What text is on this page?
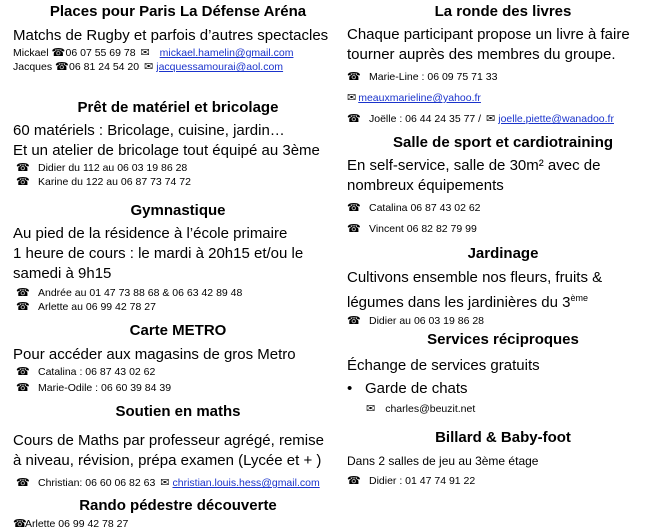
Places pour Paris La Défense Aréna

Matchs de Rugby et parfois d’autres spectacles

Mickael ☎06 07 55 69 78 ✉ mickael.hamelin@gmail.com

Jacques ☎06 81 24 54 20 ✉ jacquessamourai@aol.com

Prêt de matériel et bricolage

60 matériels : Bricolage, cuisine, jardin…

Et un atelier de bricolage tout équipé au 3ème

☎ Didier du 112 au 06 03 19 86 28

☎ Karine du 122 au 06 87 73 74 72

Gymnastique

Au pied de la résidence à l’école primaire

1 heure de cours : le mardi à 20h15 et/ou le

samedi à 9h15

☎ Andrée au 01 47 73 88 68 & 06 63 42 89 48

☎ Arlette au 06 99 42 78 27

Carte METRO

Pour accéder aux magasins de gros Metro

☎ Catalina : 06 87 43 02 62

☎ Marie-Odile : 06 60 39 84 39

Soutien en maths

Cours de Maths par professeur agrégé, remise

à niveau, révision, prépa examen (Lycée et + )

☎ Christian: 06 60 06 82 63 ✉ christian.louis.hess@gmail.com

Rando pédestre découverte

☎Arlette 06 99 42 78 27

La ronde des livres

Chaque participant propose un livre à faire

tourner auprès des membres du groupe.

☎ Marie-Line : 06 09 75 71 33

✉ meauxmarieline@yahoo.fr

☎ Joëlle : 06 44 24 35 77 / ✉ joelle.piette@wanadoo.fr

Salle de sport et cardiotraining

En self-service, salle de 30m² avec de

nombreux équipements

☎ Catalina 06 87 43 02 62

☎ Vincent 06 82 82 79 99

Jardinage

Cultivons ensemble nos fleurs, fruits &

légumes dans les jardinières du 3ème

☎ Didier au 06 03 19 86 28

Services réciproques

Échange de services gratuits

• Garde de chats

✉ charles@beuzit.net

Billard & Baby-foot

Dans 2 salles de jeu au 3ème étage

☎ Didier : 01 47 74 91 22
